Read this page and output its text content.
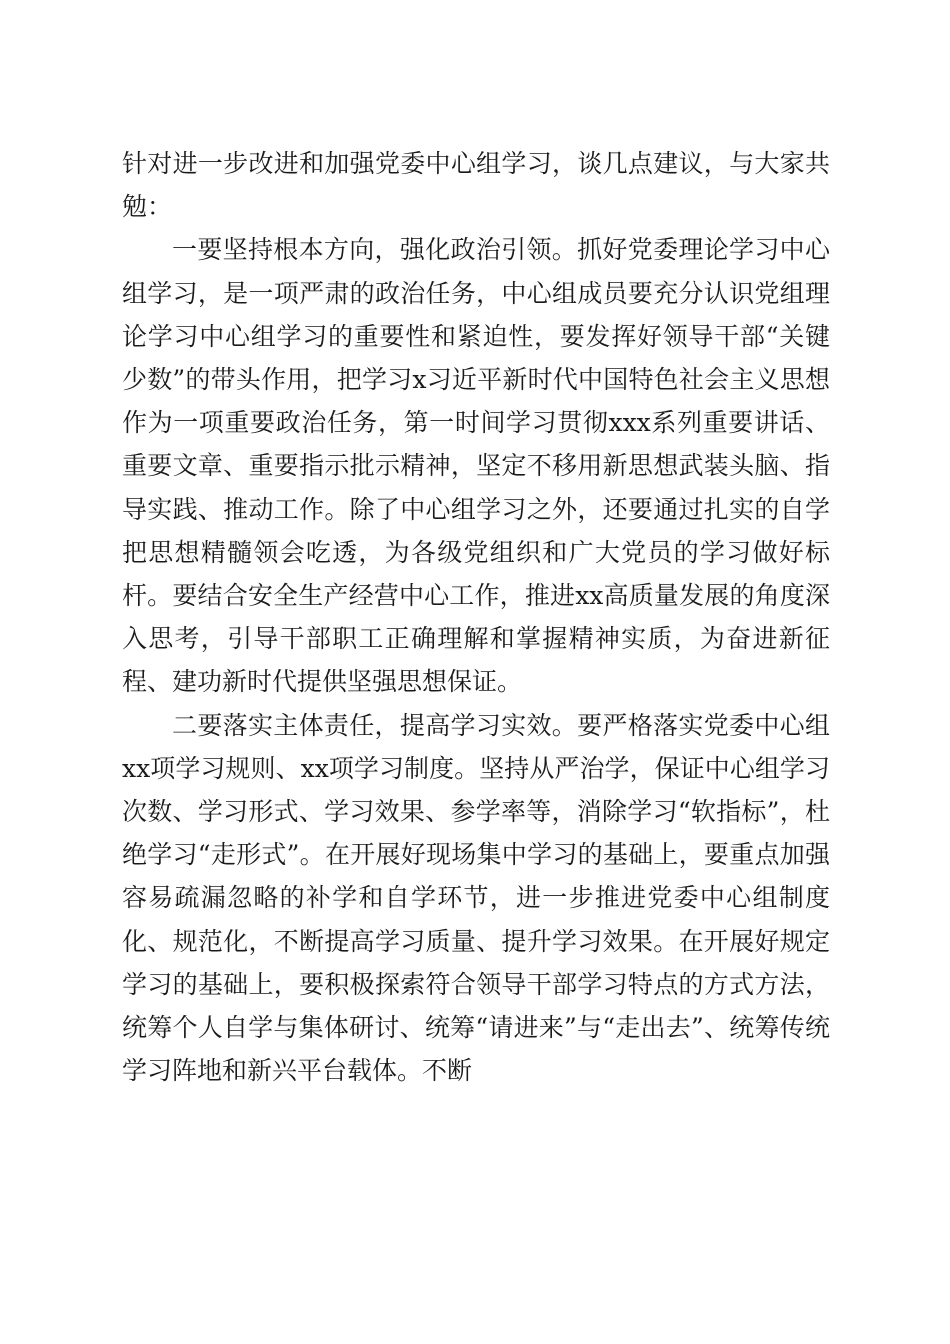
针对进一步改进和加强党委中心组学习，谈几点建议，与大家共勉：

一要坚持根本方向，强化政治引领。抓好党委理论学习中心组学习，是一项严肃的政治任务，中心组成员要充分认识党组理论学习中心组学习的重要性和紧迫性，要发挥好领导干部“关键少数”的带头作用，把学习x习近平新时代中国特色社会主义思想作为一项重要政治任务，第一时间学习贯彻xxx系列重要讲话、重要文章、重要指示批示精神，坚定不移用新思想武装头脑、指导实践、推动工作。除了中心组学习之外，还要通过扎实的自学把思想精髓领会吃透，为各级党组织和广大党员的学习做好标杆。要结合安全生产经营中心工作，推进xx高质量发展的角度深入思考，引导干部职工正确理解和掌握精神实质，为奋进新征程、建功新时代提供坚强思想保证。

二要落实主体责任，提高学习实效。要严格落实党委中心组xx项学习规则、xx项学习制度。坚持从严治学，保证中心组学习次数、学习形式、学习效果、参学率等，消除学习“软指标”，杜绝学习“走形式”。在开展好现场集中学习的基础上，要重点加强容易疏漏忽略的补学和自学环节，进一步推进党委中心组制度化、规范化，不断提高学习质量、提升学习效果。在开展好规定学习的基础上，要积极探索符合领导干部学习特点的方式方法，统筹个人自学与集体研讨、统筹“请进来”与“走出去”、统筹传统学习阵地和新兴平台载体。不断
